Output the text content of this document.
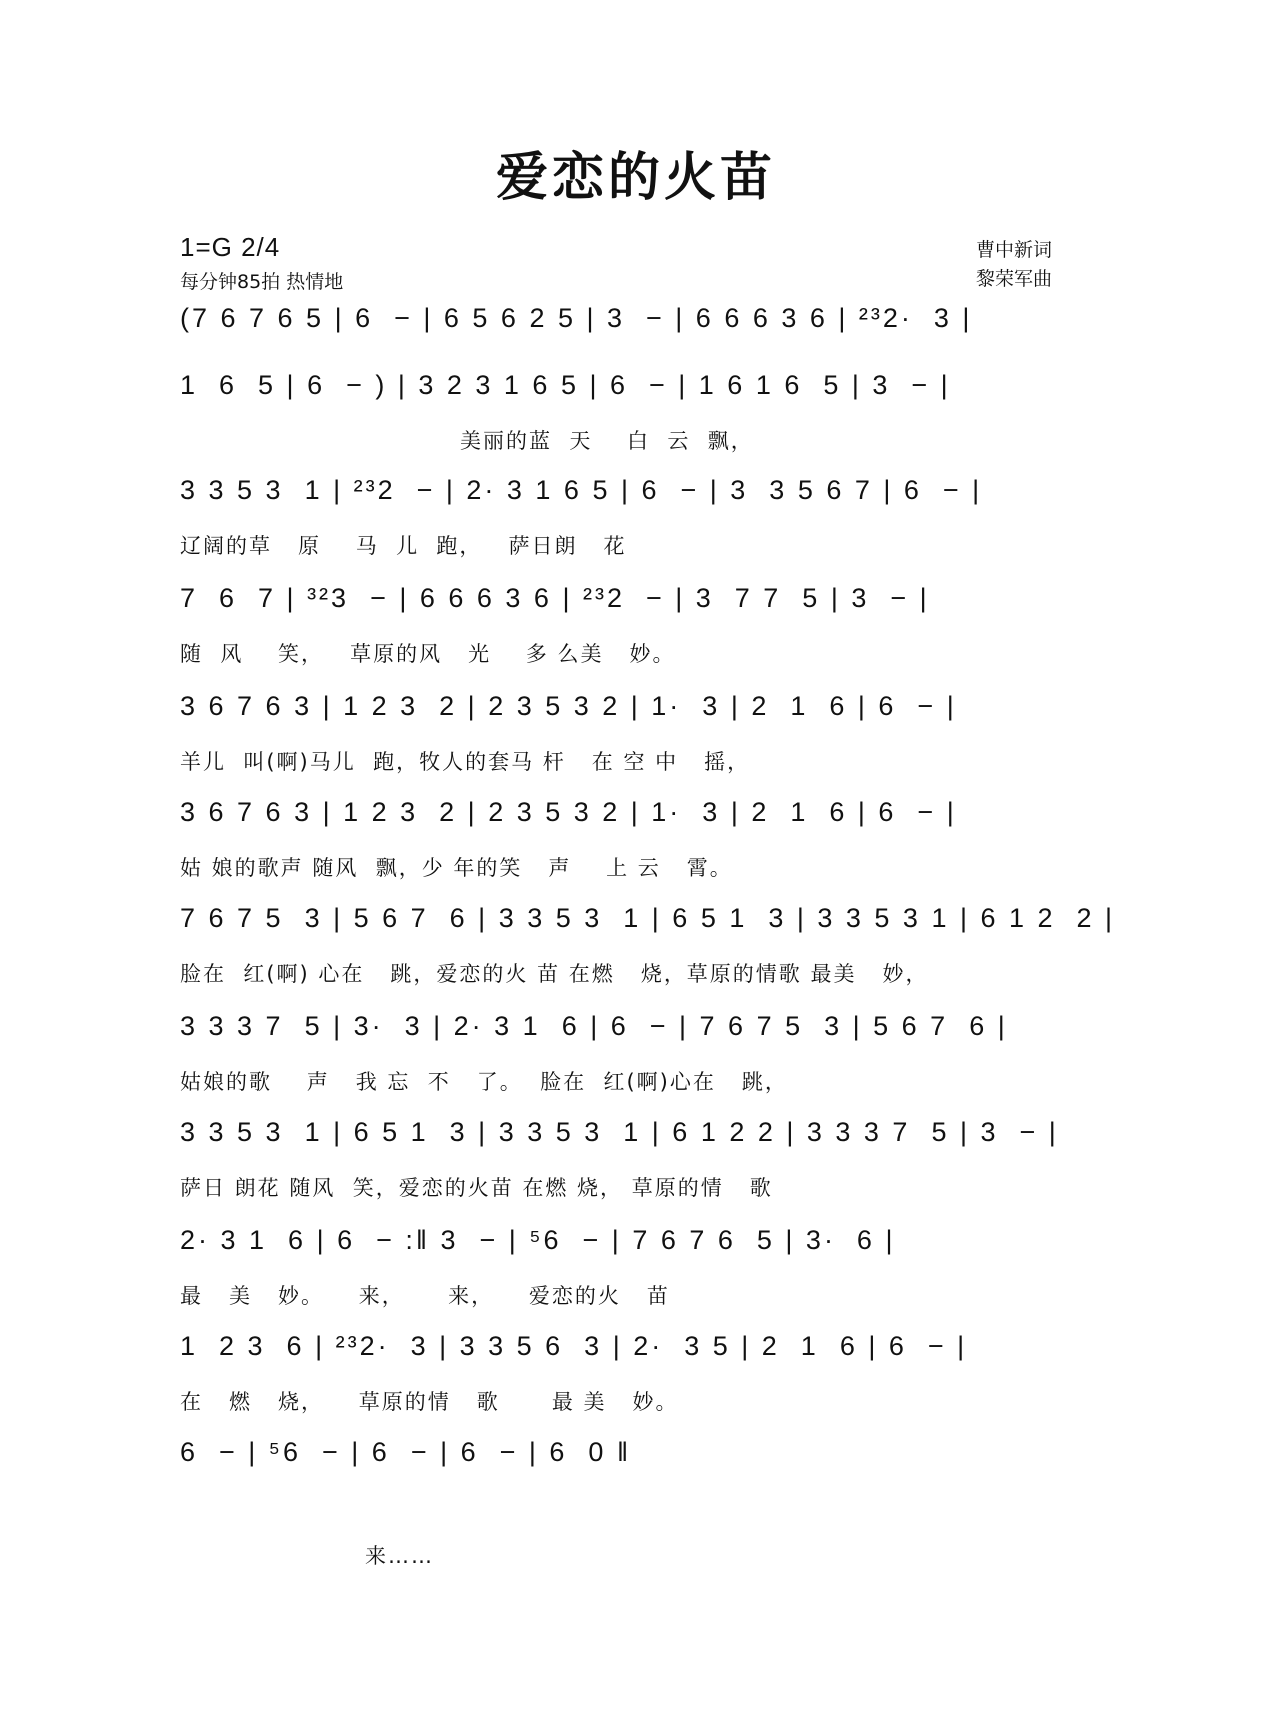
爱恋的火苗
1=G 2/4
每分钟85拍 热情地
曹中新词
黎荣军曲
(7 6 7 6 5 | 6  − | 6 5 6 2 5 | 3  − | 6 6 6 3 6 | ²³2·  3 |
1  6  5 | 6  − ) | 3 2 3 1 6 5 | 6  − | 1 6 1 6  5 | 3  − |
美丽的蓝  天    白  云  飘，
3 3 5 3  1 | ²³2  − | 2· 3 1 6 5 | 6  − | 3  3 5 6 7 | 6  − |
辽阔的草   原    马  儿  跑，   萨日朗   花
7  6  7 | ³²3  − | 6 6 6 3 6 | ²³2  − | 3  7 7  5 | 3  − |
随  风    笑，   草原的风   光    多 么美   妙。
3 6 7 6 3 | 1 2 3  2 | 2 3 5 3 2 | 1·  3 | 2  1  6 | 6  − |
羊儿  叫(啊)马儿  跑，牧人的套马 杆   在 空 中   摇，
3 6 7 6 3 | 1 2 3  2 | 2 3 5 3 2 | 1·  3 | 2  1  6 | 6  − |
姑 娘的歌声 随风  飘，少 年的笑   声    上 云   霄。
7 6 7 5  3 | 5 6 7  6 | 3 3 5 3  1 | 6 5 1  3 | 3 3 5 3 1 | 6 1 2  2 |
脸在  红(啊) 心在   跳，爱恋的火 苗 在燃   烧，草原的情歌 最美   妙，
3 3 3 7  5 | 3·  3 | 2· 3 1  6 | 6  − | 7 6 7 5  3 | 5 6 7  6 |
姑娘的歌    声   我 忘  不   了。  脸在  红(啊)心在   跳，
3 3 5 3  1 | 6 5 1  3 | 3 3 5 3  1 | 6 1 2 2 | 3 3 3 7  5 | 3  − |
萨日 朗花 随风  笑，爱恋的火苗 在燃 烧， 草原的情   歌
2· 3 1  6 | 6  − :‖ 3  − | ⁵6  − | 7 6 7 6  5 | 3·  6 |
最   美   妙。    来，     来，    爱恋的火   苗
1  2 3  6 | ²³2·  3 | 3 3 5 6  3 | 2·  3 5 | 2  1  6 | 6  − |
在   燃   烧，    草原的情   歌      最 美   妙。
6  − | ⁵6  − | 6  − | 6  − | 6  0 ‖
来……
